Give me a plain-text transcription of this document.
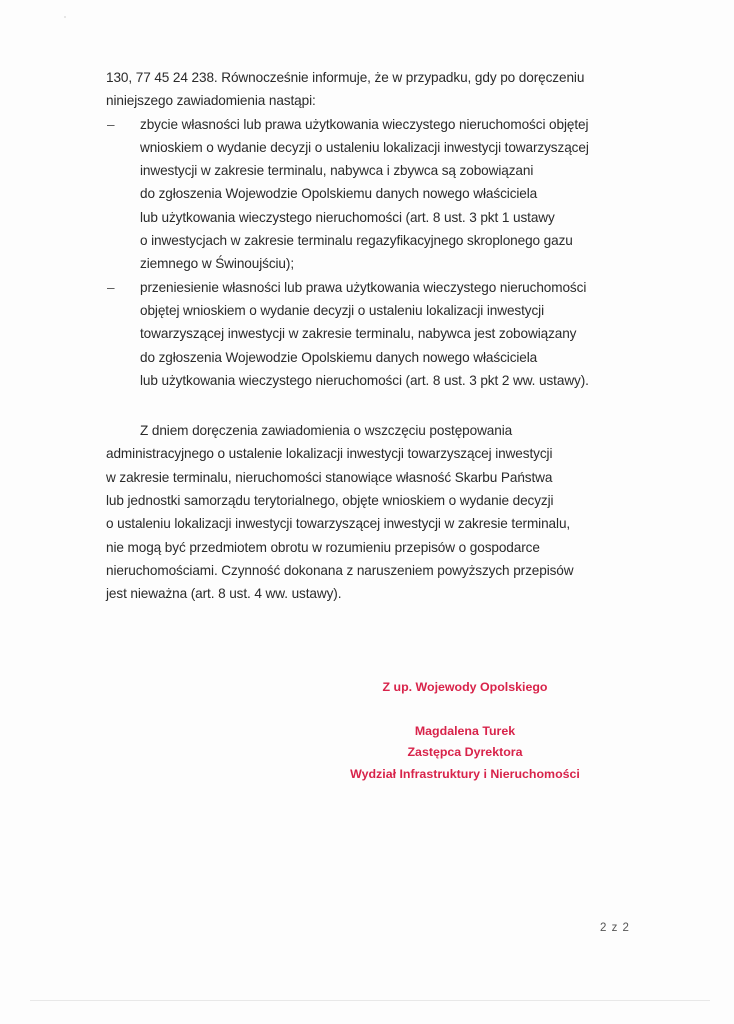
130, 77 45 24 238. Równocześnie informuje, że w przypadku, gdy po doręczeniu
niniejszego zawiadomienia nastąpi:
– zbycie własności lub prawa użytkowania wieczystego nieruchomości objętej
wnioskiem o wydanie decyzji o ustaleniu lokalizacji inwestycji towarzyszącej
inwestycji w zakresie terminalu, nabywca i zbywca są zobowiązani
do zgłoszenia Wojewodzie Opolskiemu danych nowego właściciela
lub użytkowania wieczystego nieruchomości (art. 8 ust. 3 pkt 1 ustawy
o inwestycjach w zakresie terminalu regazyfikacyjnego skroplonego gazu
ziemnego w Świnoujściu);
– przeniesienie własności lub prawa użytkowania wieczystego nieruchomości
objętej wnioskiem o wydanie decyzji o ustaleniu lokalizacji inwestycji
towarzyszącej inwestycji w zakresie terminalu, nabywca jest zobowiązany
do zgłoszenia Wojewodzie Opolskiemu danych nowego właściciela
lub użytkowania wieczystego nieruchomości (art. 8 ust. 3 pkt 2 ww. ustawy).
Z dniem doręczenia zawiadomienia o wszczęciu postępowania
administracyjnego o ustalenie lokalizacji inwestycji towarzyszącej inwestycji
w zakresie terminalu, nieruchomości stanowiące własność Skarbu Państwa
lub jednostki samorządu terytorialnego, objęte wnioskiem o wydanie decyzji
o ustaleniu lokalizacji inwestycji towarzyszącej inwestycji w zakresie terminalu,
nie mogą być przedmiotem obrotu w rozumieniu przepisów o gospodarce
nieruchomościami. Czynność dokonana z naruszeniem powyższych przepisów
jest nieważna (art. 8 ust. 4 ww. ustawy).
Z up. Wojewody Opolskiego
Magdalena Turek
Zastępca Dyrektora
Wydział Infrastruktury i Nieruchomości
2 z 2
